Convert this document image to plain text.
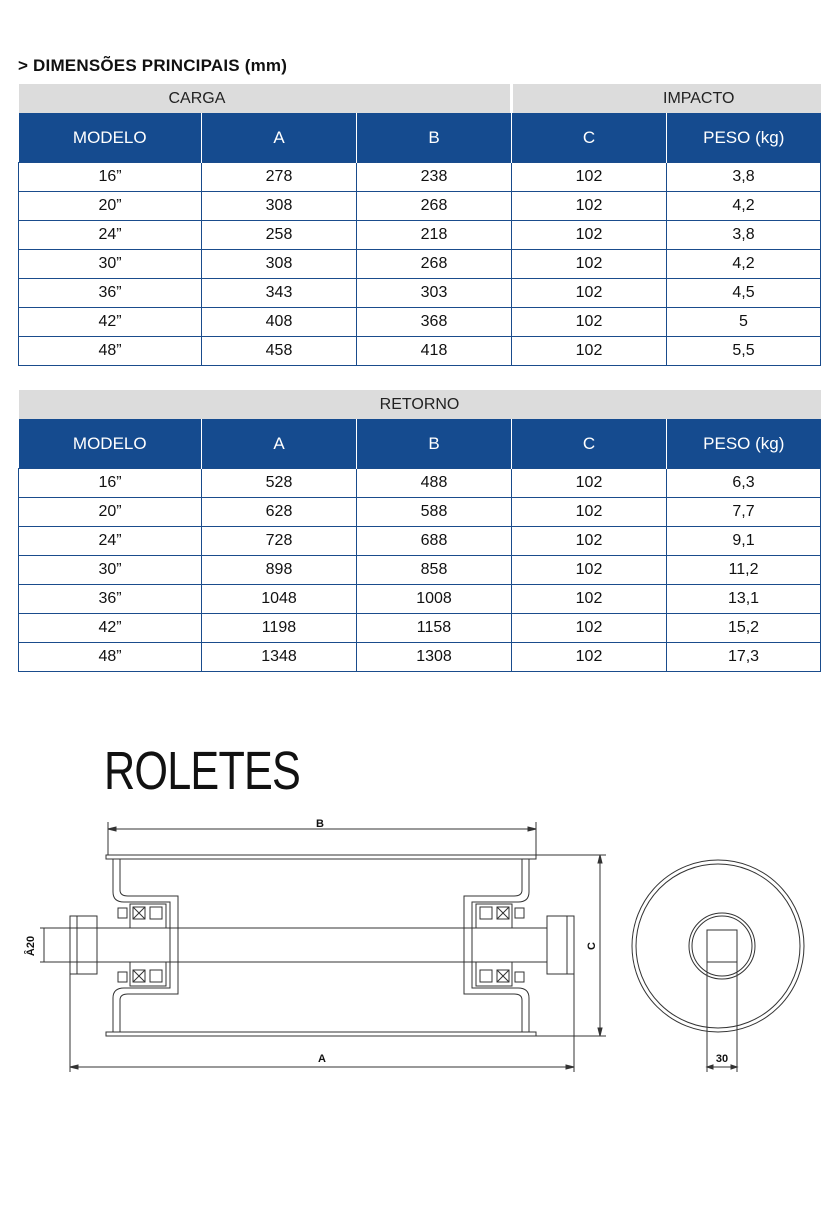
> DIMENSÕES PRINCIPAIS (mm)
CARGA			IMPACTO	
MODELO	A	B	C	PESO (kg)
16”	278	238	102	3,8
20”	308	268	102	4,2
24”	258	218	102	3,8
30”	308	268	102	4,2
36”	343	303	102	4,5
42”	408	368	102	5
48”	458	418	102	5,5
RETORNO				
MODELO	A	B	C	PESO (kg)
16”	528	488	102	6,3
20”	628	588	102	7,7
24”	728	688	102	9,1
30”	898	858	102	11,2
36”	1048	1008	102	13,1
42”	1198	1158	102	15,2
48”	1348	1308	102	17,3
ROLETES
B
Ȃ20	C
A	30
